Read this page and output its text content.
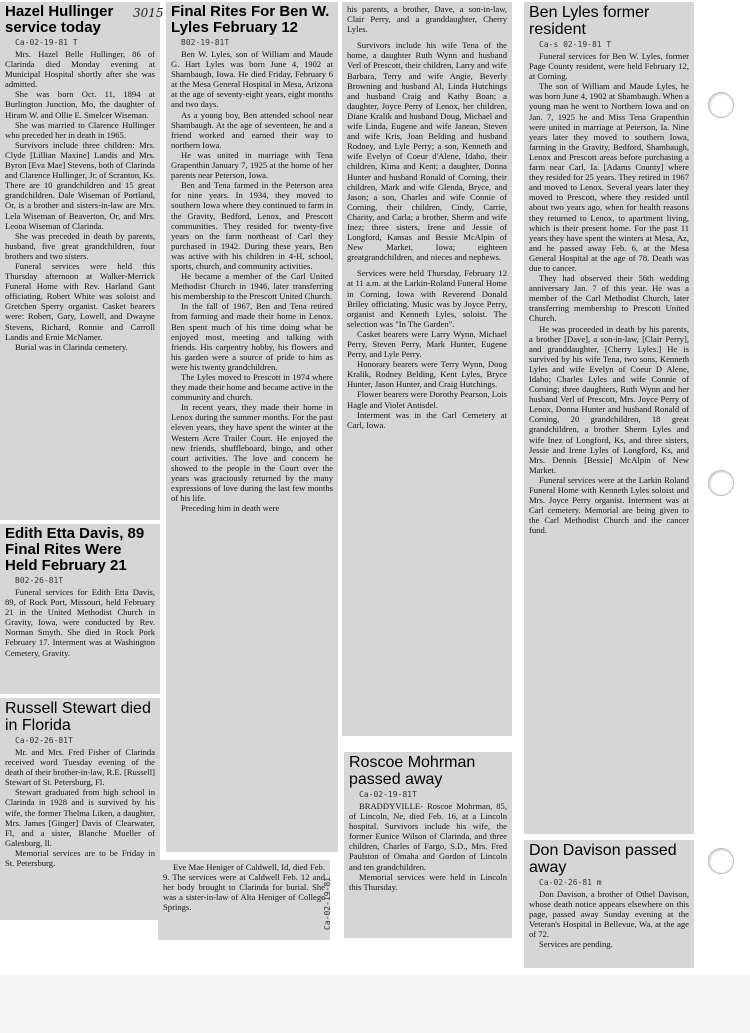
Hazel Hullinger service today
Ca-02-19-81 T

Mrs. Hazel Belle Hullinger, 86 of Clarinda died Monday evening at Municipal Hospital shortly after she was admitted.

She was born Oct. 11, 1894 at Burlington Junction, Mo, the daughter of Hiram W. and Ollie E. Smelcer Wiseman.

She was married to Clarence Hullinger who preceded her in death in 1965.

Survivors include three children: Mrs. Clyde [Lillian Maxine] Landis and Mrs. Byron [Eva Mae] Stevens, both of Clarinda and Clarence Hullinger, Jr. of Scranton, Ks. There are 10 grandchildren and 15 great grandchildren. Dale Wiseman of Portland, Or, is a brother and sisters-in-law are Mrs. Lela Wiseman of Beaverton, Or, and Mrs. Leona Wiseman of Clarinda.

She was preceded in death by parents, husband, five great grandchildren, four brothers and two sisters.

Funeral services were held this Thursday afternoon at Walker-Merrick Funeral Home with Rev. Harland Gant officiating. Robert White was soloist and Gretchen Sperry organist. Casket bearers were: Robert, Gary, Lowell, and Dwayne Stevens, Richard, Ronnie and Carroll Landis and Ernie McNamer.

Burial was in Clarinda cemetery.

3015
Edith Etta Davis, 89 Final Rites Were Held February 21
B02-26-81T

Funeral services for Edith Etta Davis, 89, of Rock Port, Missouri, held February 21 in the United Methodist Church in Gravity, Iowa, were conducted by Rev. Norman Smyth. She died in Rock Pork February 17. Interment was at Washington Cemetery, Gravity.

Russell Stewart died in Florida
Ca-02-26-81T

Mr. and Mrs. Fred Fisher of Clarinda received word Tuesday evening of the death of their brother-in-law, R.E. [Russell] Stewart of St. Petersburg, Fl.

Stewart graduated from high school in Clarinda in 1928 and is survived by his wife, the former Thelma Liken, a daughter, Mrs. James [Ginger] Davis of Clearwater, Fl, and a sister, Blanche Mueller of Galesburg, Il.

Memorial services are to be Friday in St. Petersburg.

Final Rites For Ben W. Lyles February 12
B02-19-81T

Ben W. Lyles, son of William and Maude G. Hart Lyles was born June 4, 1902 at Shambaugh, Iowa. He died Friday, February 6 at the Mesa General Hospital in Mesa, Arizona at the age of seventy-eight years, eight months and two days.

As a young boy, Ben attended school near Shambaugh. At the age of seventeen, he and a friend worked and earned their way to northern Iowa.

He was united in marriage with Tena Grapenthin January 7, 1925 at the home of her parents near Peterson, Iowa.

Ben and Tena farmed in the Peterson area for nine years. In 1934, they moved to southern Iowa where they continued to farm in the Gravity, Bedford, Lenox, and Prescott communities. They resided for twenty-five years on the farm northeast of Carl they purchased in 1942. During these years, Ben was active with his children in 4-H, school, sports, church, and community activities.

He became a member of the Carl United Methodist Church in 1946, later transferring his membership to the Prescott United Church.

In the fall of 1967, Ben and Tena retired from farming and made their home in Lenox. Ben spent much of his time doing what he enjoyed most, meeting and talking with friends. His carpentry hobby, his flowers and his garden were a source of pride to him as were his twenty grandchildren.

The Lyles moved to Prescott in 1974 where they made their home and became active in the community and church.

In recent years, they made their home in Lenox during the summer months. For the past eleven years, they have spent the winter at the Western Acre Trailer Court. He enjoyed the new friends, shuffleboard, bingo, and other court activities. The love and concern he showed to the people in the Court over the years was graciously returned by the many expressions of love during the last few months of his life.

Preceding him in death were

Eve Mae Heniger of Caldwell, Id, died Feb. 9. The services were at Caldwell Feb. 12 and her body brought to Clarinda for burial. She was a sister-in-law of Alta Heniger of College Springs.	Ca-02-19-81

his parents, a brother, Dave, a son-in-law, Clair Perry, and a granddaughter, Cherry Lyles.

Survivors include his wife Tena of the home, a daughter Ruth Wynn and husband Verl of Prescott, their children, Larry and wife Barbara, Terry and wife Angie, Beverly Browning and husband Al, Linda Hutchings and husband Craig and Kathy Boan; a daughter, Joyce Perry of Lenox, her children, Diane Kralik and husband Doug, Michael and wife Linda, Eugene and wife Janean, Steven and wife Kris, Joan Belding and husband Rodney, and Lyle Perry; a son, Kenneth and wife Evelyn of Coeur d'Alene, Idaho, their children, Kima and Kent; a daughter, Donna Hunter and husband Ronald of Corning, their children, Mark and wife Glenda, Bryce, and Jason; a son, Charles and wife Connie of Corning, their children, Cindy, Carrie, Charity, and Carla; a brother, Sherm and wife Inez; three sisters, Irene and Jessie of Longford, Kansas and Bessie McAlpin of New Market, Iowa; eighteen greatgrandchildren, and nieces and nephews.

Services were held Thursday, February 12 at 11 a.m. at the Larkin-Roland Funeral Home in Corning, Iowa with Reverend Donald Briley officiating. Music was by Joyce Perry, organist and Kenneth Lyles, soloist. The selection was "In The Garden".

Casket bearers were Larry Wynn, Michael Perry, Steven Perry, Mark Hunter, Eugene Perry, and Lyle Perry.

Honorary bearers were Terry Wynn, Doug Kralik, Rodney Belding, Kent Lyles, Bryce Hunter, Jason Hunter, and Craig Hutchings.

Flower bearers were Dorothy Pearson, Lois Hagle and Violet Antisdel.

Interment was in the Carl Cemetery at Carl, Iowa.

Roscoe Mohrman passed away
Ca-02-19-81T

BRADDYVILLE- Roscoe Mohrman, 85, of Lincoln, Ne, died Feb. 16, at a Lincoln hospital. Survivors include his wife, the former Eunice Wilson of Clarinda, and three children, Charles of Fargo, S.D., Mrs. Fred Paulston of Omaha and Gordon of Lincoln and ten grandchildren.

Memorial services were held in Lincoln this Thursday.

Ben Lyles former resident
Ca-s 02-19-81 T

Funeral services for Ben W. Lyles, former Page County resident, were held February 12, at Corning.

The son of William and Maude Lyles, he was born June 4, 1902 at Shambaugh. When a young man he went to Northern Iowa and on Jan. 7, 1925 he and Miss Tena Grapenthin were united in marriage at Peterson, Ia. Nine years later they moved to southern Iowa, farming in the Gravity, Bedford, Shambaugh, Lenox and Prescott areas before purchasing a farm near Carl, Ia. [Adams County] where they resided for 25 years. They retired in 1967 and moved to Lenox. Several years later they moved to Prescott, where they resided until about two years ago, when for health reasons they returned to Lenox, to apartment living, which is their present home. For the past 11 years they have spent the winters at Mesa, Az, and he passed away Feb. 6, at the Mesa General Hospital at the age of 78. Death was due to cancer.

They had observed their 56th wedding anniversary Jan. 7 of this year. He was a member of the Carl Methodist Church, later transferring membership to Prescott United Church.

He was proceeded in death by his parents, a brother [Dave], a son-in-law, [Clair Perry], and granddaughter, [Cherry Lyles.] He is survived by his wife Tena, two sons, Kenneth Lyles and wife Evelyn of Coeur D Alene, Idaho; Charles Lyles and wife Connie of Corning; three daughters, Ruth Wynn and her husband Verl of Prescott, Mrs. Joyce Perry of Lenox, Donna Hunter and husband Ronald of Corning, 20 grandchildren, 18 great grandchildren, a brother Sherm Lyles and wife Inez of Longford, Ks, and three sisters, Jessie and Irene Lyles of Longford, Ks, and Mrs. Dennis [Bessie] McAlpin of New Market.

Funeral services were at the Larkin Roland Funeral Home with Kenneth Lyles soloist and Mrs. Joyce Perry organist. Interment was at Carl cemetery. Memorial are being given to the Carl Methodist Church and the cancer fund.

Don Davison passed away
Ca-02-26-81 m

Don Davison, a brother of Othel Davison, whose death notice appears elsewhere on this page, passed away Sunday evening at the Veteran's Hospital in Bellevue, Wa, at the age of 72.

Services are pending.
